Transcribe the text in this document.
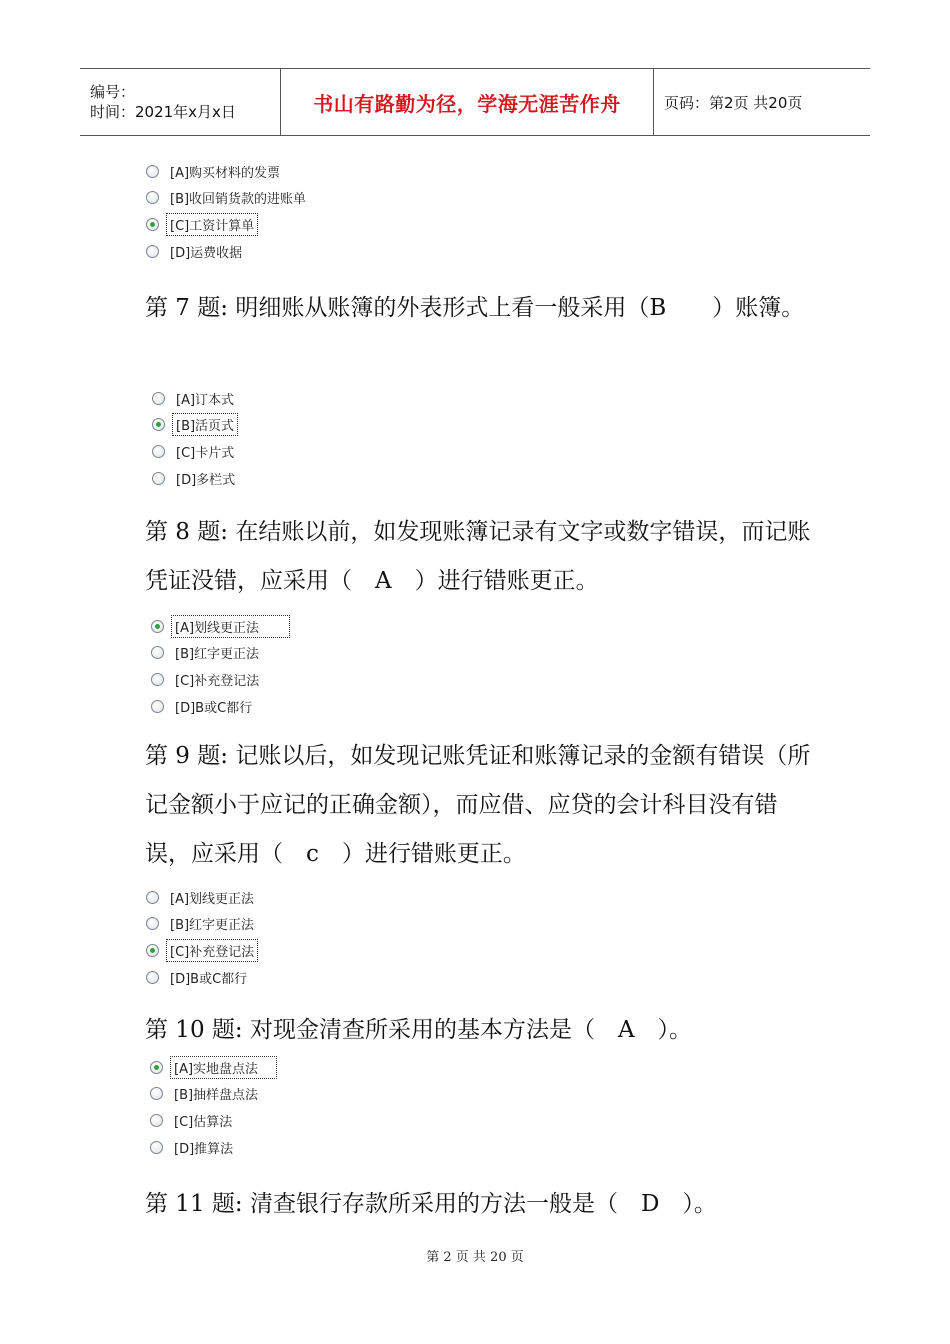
编号：
时间：2021年x月x日	书山有路勤为径，学海无涯苦作舟	页码：第2页 共20页
[A]购买材料的发票
[B]收回销货款的进账单
[C]工资计算单
[D]运费收据
第 7 题: 明细账从账簿的外表形式上看一般采用（B　　）账簿。
[A]订本式
[B]活页式
[C]卡片式
[D]多栏式
第 8 题: 在结账以前，如发现账簿记录有文字或数字错误，而记账凭证没错，应采用（　A　）进行错账更正。
[A]划线更正法
[B]红字更正法
[C]补充登记法
[D]B或C都行
第 9 题: 记账以后，如发现记账凭证和账簿记录的金额有错误（所记金额小于应记的正确金额），而应借、应贷的会计科目没有错误，应采用（　c　）进行错账更正。
[A]划线更正法
[B]红字更正法
[C]补充登记法
[D]B或C都行
第 10 题: 对现金清查所采用的基本方法是（　A　）。
[A]实地盘点法
[B]抽样盘点法
[C]估算法
[D]推算法
第 11 题: 清查银行存款所采用的方法一般是（　D　）。
第 2 页 共 20 页
